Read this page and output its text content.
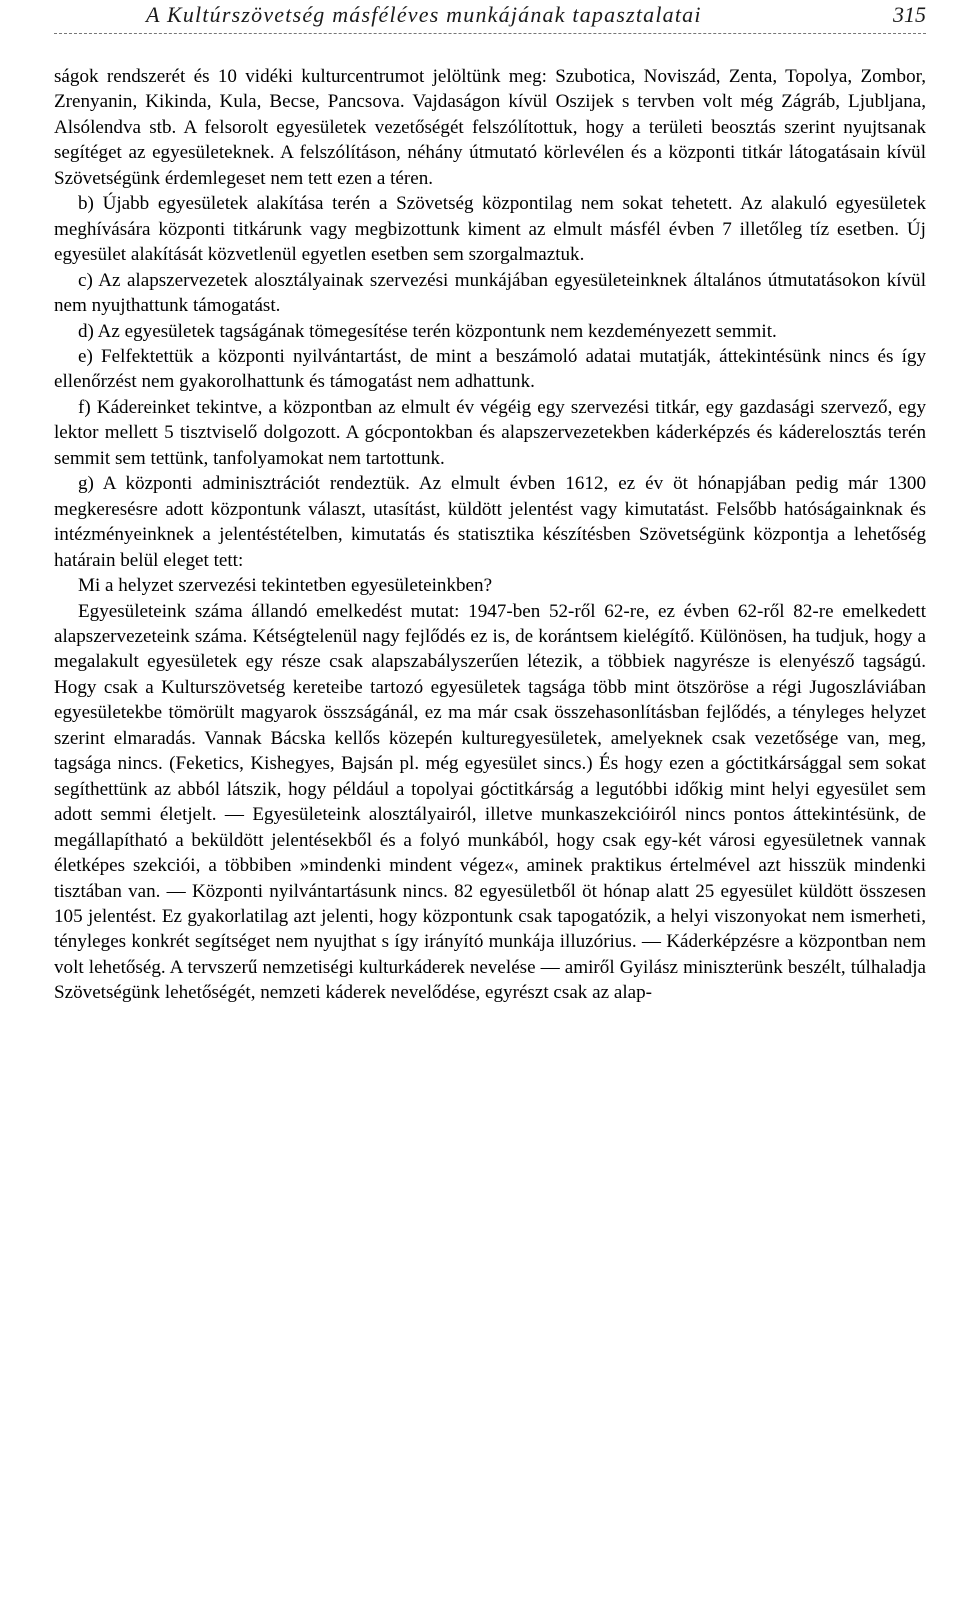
A Kultúrszövetség másféléves munkájának tapasztalatai	315

ságok rendszerét és 10 vidéki kulturcentrumot jelöltünk meg: Szubotica, Noviszád, Zenta, Topolya, Zombor, Zrenyanin, Kikinda, Kula, Becse, Pancsova. Vajdaságon kívül Oszijek s tervben volt még Zágráb, Ljubljana, Alsólendva stb. A felsorolt egyesületek vezetőségét felszólítottuk, hogy a területi beosztás szerint nyujtsanak segítéget az egyesületeknek. A felszólításon, néhány útmutató körlevélen és a központi titkár látogatásain kívül Szövetségünk érdemlegeset nem tett ezen a téren.

b) Újabb egyesületek alakítása terén a Szövetség központilag nem sokat tehetett. Az alakuló egyesületek meghívására központi titkárunk vagy megbizottunk kiment az elmult másfél évben 7 illetőleg tíz esetben. Új egyesület alakítását közvetlenül egyetlen esetben sem szorgalmaztuk.

c) Az alapszervezetek alosztályainak szervezési munkájában egyesületeinknek általános útmutatásokon kívül nem nyujthattunk támogatást.

d) Az egyesületek tagságának tömegesítése terén központunk nem kezdeményezett semmit.

e) Felfektettük a központi nyilvántartást, de mint a beszámoló adatai mutatják, áttekintésünk nincs és így ellenőrzést nem gyakorolhattunk és támogatást nem adhattunk.

f) Kádereinket tekintve, a központban az elmult év végéig egy szervezési titkár, egy gazdasági szervező, egy lektor mellett 5 tisztviselő dolgozott. A gócpontokban és alapszervezetekben káderképzés és káderelosztás terén semmit sem tettünk, tanfolyamokat nem tartottunk.

g) A központi adminisztrációt rendeztük. Az elmult évben 1612, ez év öt hónapjában pedig már 1300 megkeresésre adott központunk választ, utasítást, küldött jelentést vagy kimutatást. Felsőbb hatóságainknak és intézményeinknek a jelentéstételben, kimutatás és statisztika készítésben Szövetségünk központja a lehetőség határain belül eleget tett:

Mi a helyzet szervezési tekintetben egyesületeinkben?

Egyesületeink száma állandó emelkedést mutat: 1947-ben 52-ről 62-re, ez évben 62-ről 82-re emelkedett alapszervezeteink száma. Kétségtelenül nagy fejlődés ez is, de korántsem kielégítő. Különösen, ha tudjuk, hogy a megalakult egyesületek egy része csak alapszabályszerűen létezik, a többiek nagyrésze is elenyésző tagságú. Hogy csak a Kulturszövetség kereteibe tartozó egyesületek tagsága több mint ötszöröse a régi Jugoszláviában egyesületekbe tömörült magyarok összságánál, ez ma már csak összehasonlításban fejlődés, a tényleges helyzet szerint elmaradás. Vannak Bácska kellős közepén kulturegyesületek, amelyeknek csak vezetősége van, meg, tagsága nincs. (Feketics, Kishegyes, Bajsán pl. még egyesület sincs.) És hogy ezen a góctitkársággal sem sokat segíthettünk az abból látszik, hogy például a topolyai góctitkárság a legutóbbi időkig mint helyi egyesület sem adott semmi életjelt. — Egyesületeink alosztályairól, illetve munkaszekcióiról nincs pontos áttekintésünk, de megállapítható a beküldött jelentésekből és a folyó munkából, hogy csak egy-két városi egyesületnek vannak életképes szekciói, a többiben »mindenki mindent végez«, aminek praktikus értelmével azt hisszük mindenki tisztában van. — Központi nyilvántartásunk nincs. 82 egyesületből öt hónap alatt 25 egyesület küldött összesen 105 jelentést. Ez gyakorlatilag azt jelenti, hogy központunk csak tapogatózik, a helyi viszonyokat nem ismerheti, tényleges konkrét segítséget nem nyujthat s így irányító munkája illuzórius. — Káderképzésre a központban nem volt lehetőség. A tervszerű nemzetiségi kulturkáderek nevelése — amiről Gyilász miniszterünk beszélt, túlhaladja Szövetségünk lehetőségét, nemzeti káderek nevelődése, egyrészt csak az alap-
